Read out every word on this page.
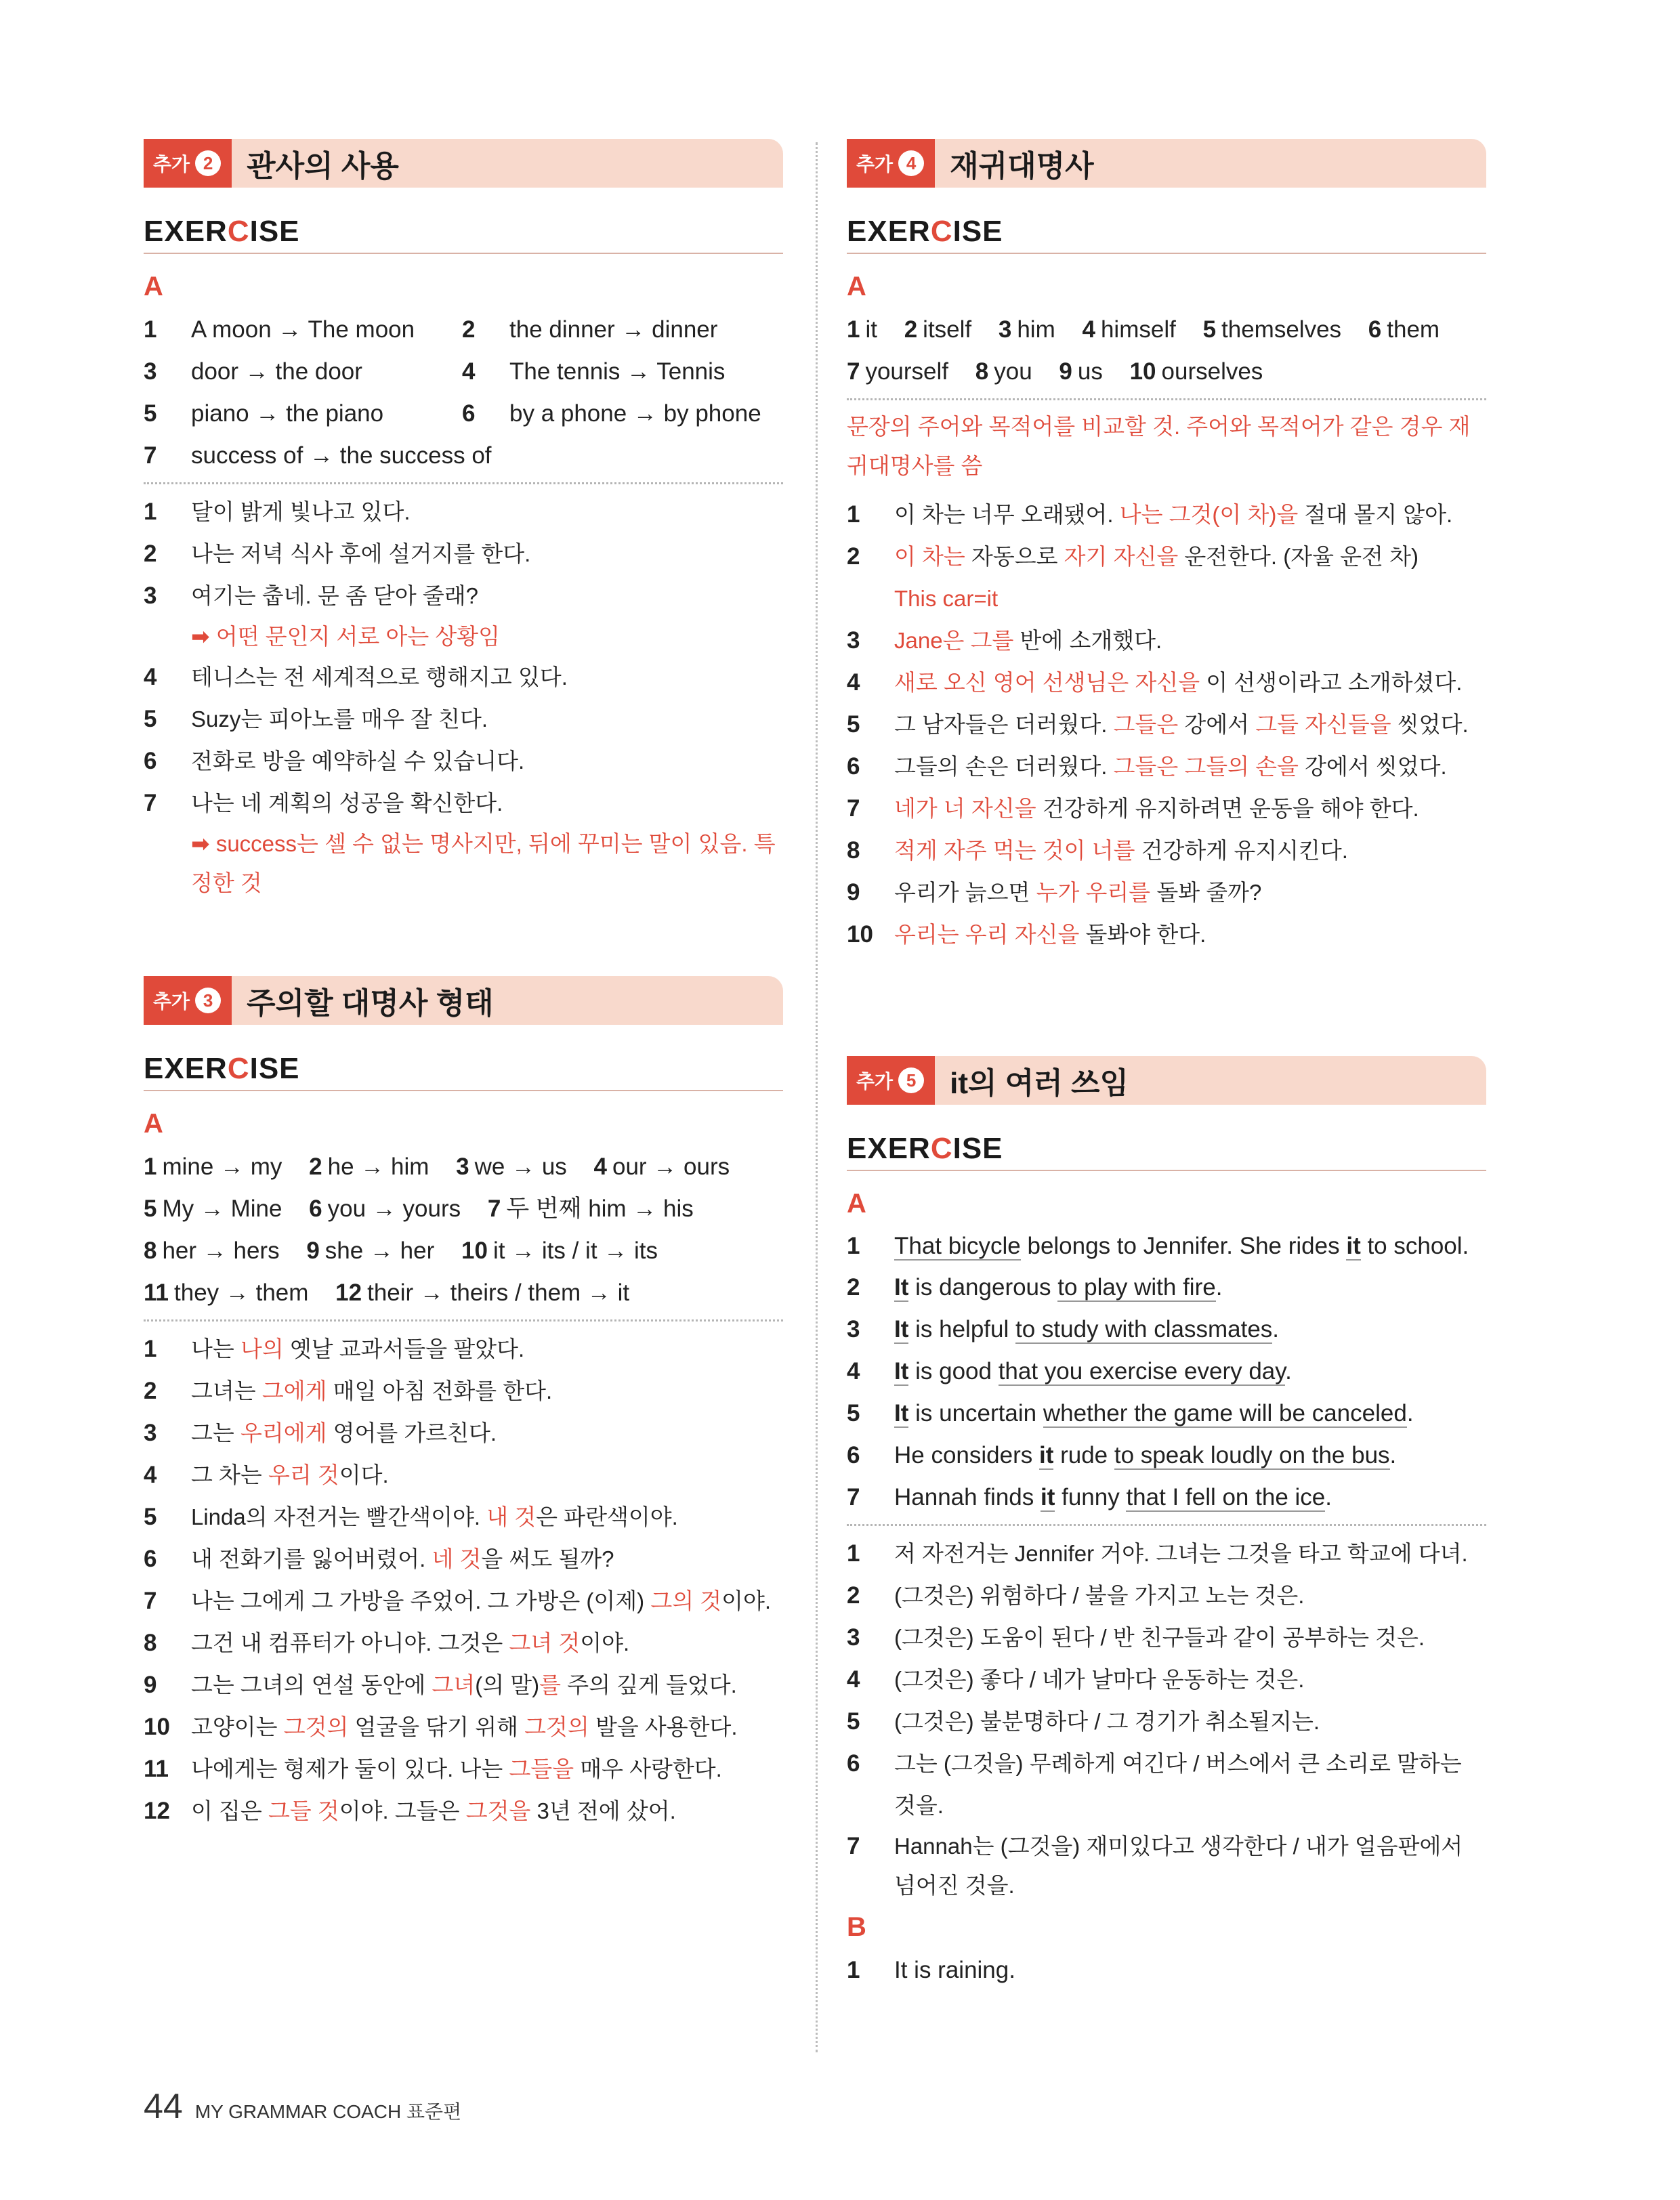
추가 2 관사의 사용
EXERCISE
A
1	A moon → The moon 2	the dinner → dinner
3	door → the door	4	The tennis → Tennis
5	piano → the piano	6	by a phone → by phone
7	success of → the success of
1	달이 밝게 빛나고 있다.
2	나는 저녁 식사 후에 설거지를 한다.
3	여기는 춥네. 문 좀 닫아 줄래?
➡ 어떤 문인지 서로 아는 상황임
4	테니스는 전 세계적으로 행해지고 있다.
5	Suzy는 피아노를 매우 잘 친다.
6	전화로 방을 예약하실 수 있습니다.
7	나는 네 계획의 성공을 확신한다.
➡ success는 셀 수 없는 명사지만, 뒤에 꾸미는 말이 있음. 특정한 것
추가 3 주의할 대명사 형태
EXERCISE
A
1 mine → my 2 he → him 3 we → us 4 our → ours
5 My → Mine 6 you → yours 7 두 번째 him → his
8 her → hers 9 she → her 10 it → its / it → its
11 they → them 12 their → theirs / them → it
1	나는 나의 옛날 교과서들을 팔았다.
2	그녀는 그에게 매일 아침 전화를 한다.
3	그는 우리에게 영어를 가르친다.
4	그 차는 우리 것이다.
5	Linda의 자전거는 빨간색이야. 내 것은 파란색이야.
6	내 전화기를 잃어버렸어. 네 것을 써도 될까?
7	나는 그에게 그 가방을 주었어. 그 가방은 (이제) 그의 것이야.
8	그건 내 컴퓨터가 아니야. 그것은 그녀 것이야.
9	그는 그녀의 연설 동안에 그녀(의 말)를 주의 깊게 들었다.
10 고양이는 그것의 얼굴을 닦기 위해 그것의 발을 사용한다.
11	나에게는 형제가 둘이 있다. 나는 그들을 매우 사랑한다.
12 이 집은 그들 것이야. 그들은 그것을 3년 전에 샀어.
추가 4 재귀대명사
EXERCISE
A
1 it 2 itself 3 him 4 himself 5 themselves 6 them
7 yourself 8 you 9 us 10 ourselves
문장의 주어와 목적어를 비교할 것. 주어와 목적어가 같은 경우 재귀대명사를 씀
1	이 차는 너무 오래됐어. 나는 그것(이 차)을 절대 몰지 않아.
2	이 차는 자동으로 자기 자신을 운전한다. (자율 운전 차)
This car=it
3	Jane은 그를 반에 소개했다.
4	새로 오신 영어 선생님은 자신을 이 선생이라고 소개하셨다.
5	그 남자들은 더러웠다. 그들은 강에서 그들 자신들을 씻었다.
6	그들의 손은 더러웠다. 그들은 그들의 손을 강에서 씻었다.
7	네가 너 자신을 건강하게 유지하려면 운동을 해야 한다.
8	적게 자주 먹는 것이 너를 건강하게 유지시킨다.
9	우리가 늙으면 누가 우리를 돌봐 줄까?
10 우리는 우리 자신을 돌봐야 한다.
추가 5 it의 여러 쓰임
EXERCISE
A
1	That bicycle belongs to Jennifer. She rides it to school.
2	It is dangerous to play with fire.
3	It is helpful to study with classmates.
4	It is good that you exercise every day.
5	It is uncertain whether the game will be canceled.
6	He considers it rude to speak loudly on the bus.
7	Hannah finds it funny that I fell on the ice.
1	저 자전거는 Jennifer 거야. 그녀는 그것을 타고 학교에 다녀.
2	(그것은) 위험하다 / 불을 가지고 노는 것은.
3	(그것은) 도움이 된다 / 반 친구들과 같이 공부하는 것은.
4	(그것은) 좋다 / 네가 날마다 운동하는 것은.
5	(그것은) 불분명하다 / 그 경기가 취소될지는.
6	그는 (그것을) 무례하게 여긴다 / 버스에서 큰 소리로 말하는 것을.
7	Hannah는 (그것을) 재미있다고 생각한다 / 내가 얼음판에서 넘어진 것을.
B
1	It is raining.
44 MY GRAMMAR COACH 표준편
